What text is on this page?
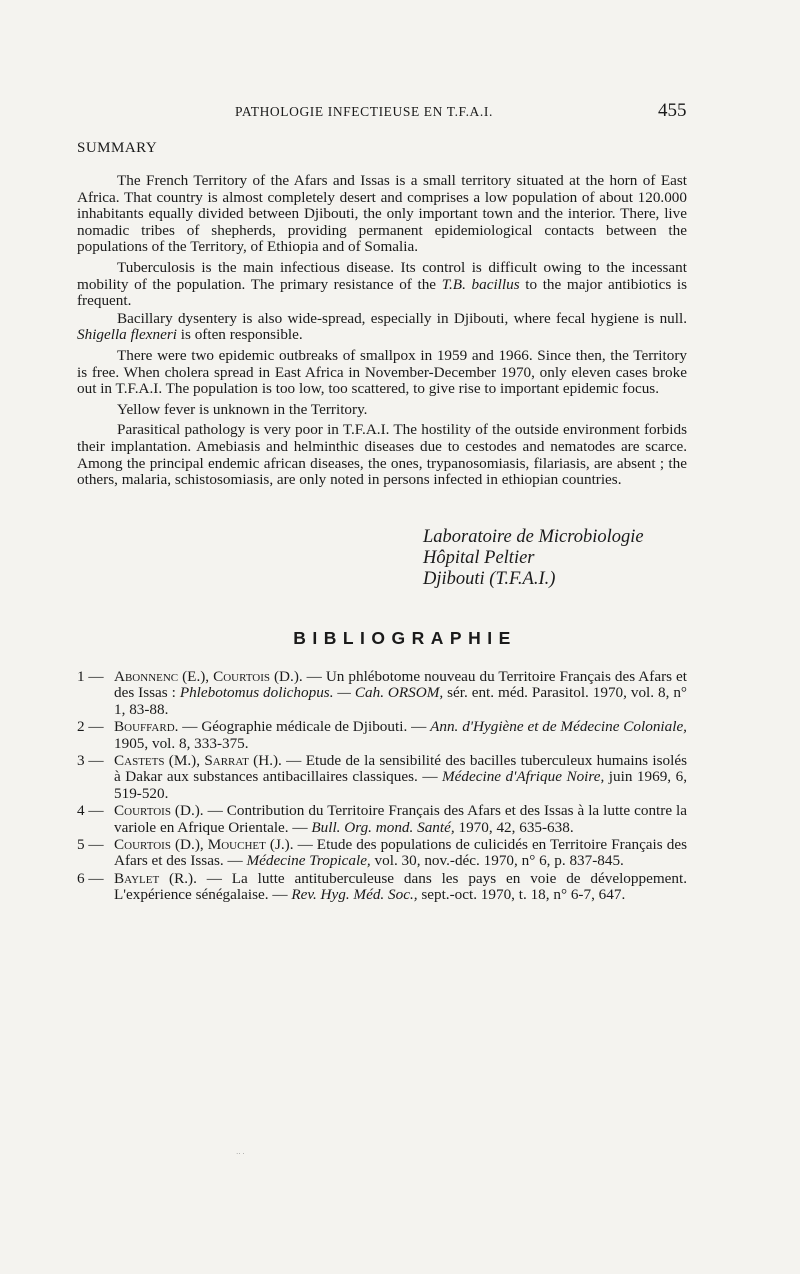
PATHOLOGIE INFECTIEUSE EN T.F.A.I.	455
SUMMARY

The French Territory of the Afars and Issas is a small territory situated at the horn of East Africa. That country is almost completely desert and comprises a low population of about 120.000 inhabitants equally divided between Djibouti, the only important town and the interior. There, live nomadic tribes of shepherds, providing permanent epidemiological contacts between the populations of the Territory, of Ethiopia and of Somalia.

Tuberculosis is the main infectious disease. Its control is difficult owing to the incessant mobility of the population. The primary resistance of the T.B. bacillus to the major antibiotics is frequent.

Bacillary dysentery is also wide-spread, especially in Djibouti, where fecal hygiene is null. Shigella flexneri is often responsible.

There were two epidemic outbreaks of smallpox in 1959 and 1966. Since then, the Territory is free. When cholera spread in East Africa in November-December 1970, only eleven cases broke out in T.F.A.I. The population is too low, too scattered, to give rise to important epidemic focus.

Yellow fever is unknown in the Territory.

Parasitical pathology is very poor in T.F.A.I. The hostility of the outside environment forbids their implantation. Amebiasis and helminthic diseases due to cestodes and nematodes are scarce. Among the principal endemic african diseases, the ones, trypanosomiasis, filariasis, are absent ; the others, malaria, schistosomiasis, are only noted in persons infected in ethiopian countries.

Laboratoire de Microbiologie
Hôpital Peltier
Djibouti (T.F.A.I.)
BIBLIOGRAPHIE
1 — Abonnenc (E.), Courtois (D.). — Un phlébotome nouveau du Territoire Français des Afars et des Issas : Phlebotomus dolichopus. — Cah. ORSOM, sér. ent. méd. Parasitol. 1970, vol. 8, n° 1, 83-88.
2 — Bouffard. — Géographie médicale de Djibouti. — Ann. d'Hygiène et de Médecine Coloniale, 1905, vol. 8, 333-375.
3 — Castets (M.), Sarrat (H.). — Etude de la sensibilité des bacilles tuberculeux humains isolés à Dakar aux substances antibacillaires classiques. — Médecine d'Afrique Noire, juin 1969, 6, 519-520.
4 — Courtois (D.). — Contribution du Territoire Français des Afars et des Issas à la lutte contre la variole en Afrique Orientale. — Bull. Org. mond. Santé, 1970, 42, 635-638.
5 — Courtois (D.), Mouchet (J.). — Etude des populations de culicidés en Territoire Français des Afars et des Issas. — Médecine Tropicale, vol. 30, nov.-déc. 1970, n° 6, p. 837-845.
6 — Baylet (R.). — La lutte antituberculeuse dans les pays en voie de développement. L'expérience sénégalaise. — Rev. Hyg. Méd. Soc., sept.-oct. 1970, t. 18, n° 6-7, 647.
·· ·
